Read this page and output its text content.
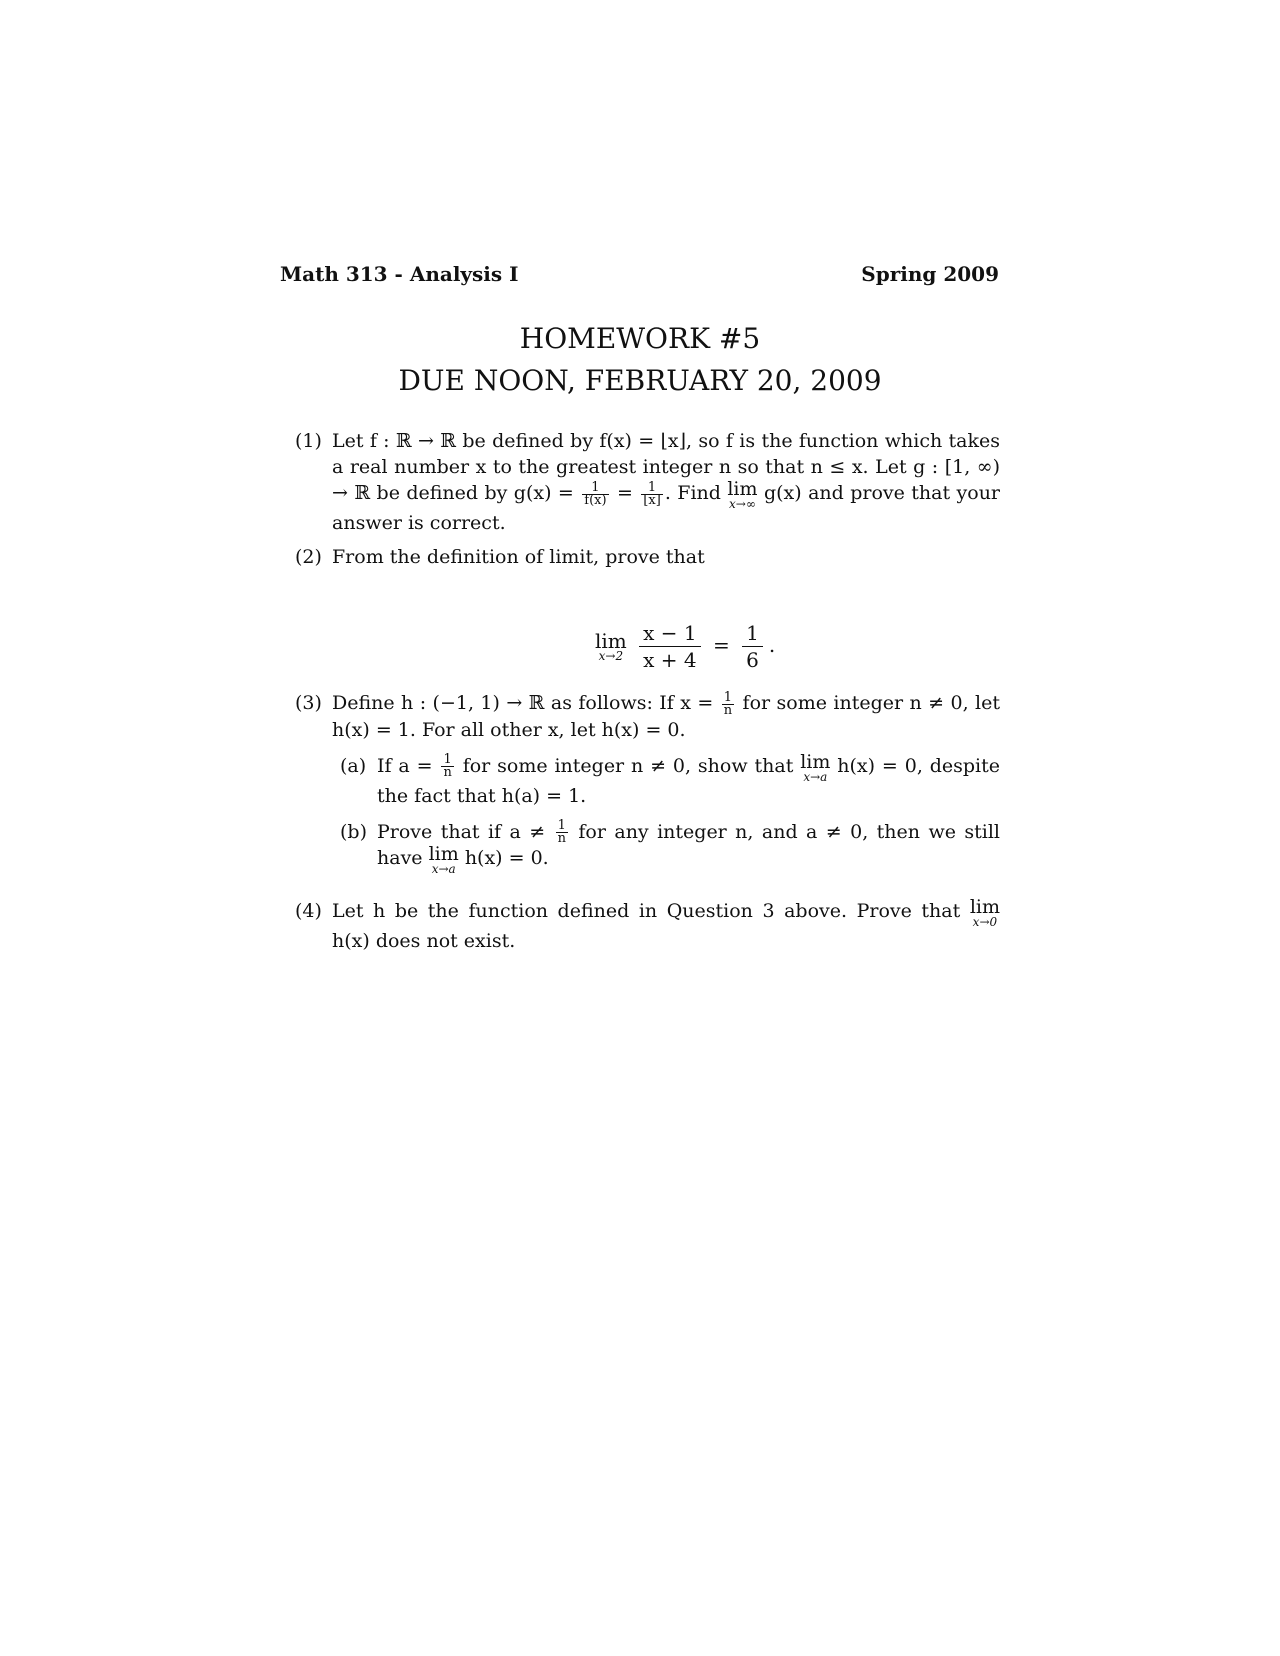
Math 313 - Analysis I	Spring 2009
HOMEWORK #5
DUE NOON, FEBRUARY 20, 2009
(1) Let f : ℝ → ℝ be defined by f(x) = ⌊x⌋, so f is the function which takes a real number x to the greatest integer n so that n ≤ x. Let g : [1, ∞) → ℝ be defined by $g(x) = \frac{1}{f(x)} = \frac{1}{⌊x⌋}$ . Find lim
x→∞ g(x) and prove that your answer is correct.

(2) From the definition of limit, prove that

lim
x→2
$\frac{x - 1}{x + 4} = \frac{1}{6}$ .
(3) Define h : (−1, 1) → ℝ as follows: If $x = \frac{1}{n}$ for some integer n ≠ 0, let h(x) = 1. For all other x, let h(x) = 0.

(a) If $a = \frac{1}{n}$ for some integer n ≠ 0, show that lim
x→a h(x) = 0, despite the fact that h(a) = 1.
(b) Prove that if $a \ne \frac{1}{n}$ for any integer n, and a ≠ 0, then we still have lim
x→a h(x) = 0.
(4) Let h be the function defined in Question 3 above. Prove that lim
x→0
h(x) does not exist.
